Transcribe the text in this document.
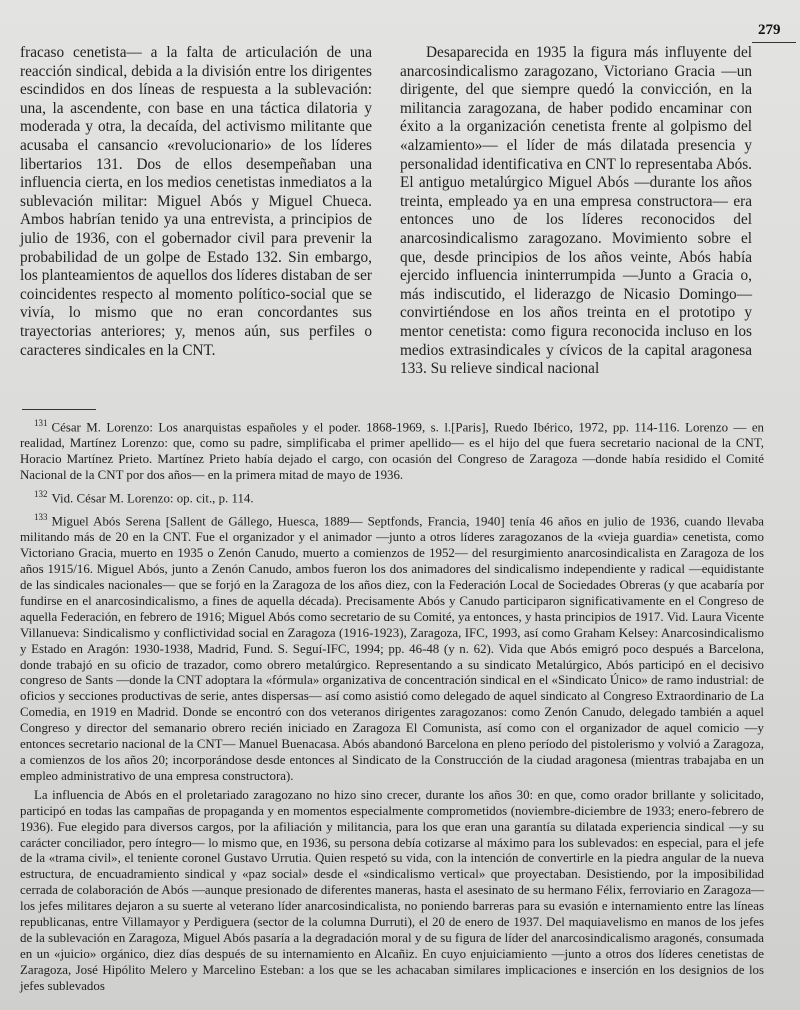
279

fracaso cenetista— a la falta de articulación de una reacción sindical, debida a la división entre los dirigentes escindidos en dos líneas de respuesta a la sublevación: una, la ascendente, con base en una táctica dilatoria y moderada y otra, la decaída, del activismo militante que acusaba el cansancio «revolucionario» de los líderes libertarios 131. Dos de ellos desempeñaban una influencia cierta, en los medios cenetistas inmediatos a la sublevación militar: Miguel Abós y Miguel Chueca. Ambos habrían tenido ya una entrevista, a principios de julio de 1936, con el gobernador civil para prevenir la probabilidad de un golpe de Estado 132. Sin embargo, los planteamientos de aquellos dos líderes distaban de ser coincidentes respecto al momento político-social que se vivía, lo mismo que no eran concordantes sus trayectorias anteriores; y, menos aún, sus perfiles o caracteres sindicales en la CNT.

Desaparecida en 1935 la figura más influyente del anarcosindicalismo zaragozano, Victoriano Gracia —un dirigente, del que siempre quedó la convicción, en la militancia zaragozana, de haber podido encaminar con éxito a la organización cenetista frente al golpismo del «alzamiento»— el líder de más dilatada presencia y personalidad identificativa en CNT lo representaba Abós. El antiguo metalúrgico Miguel Abós —durante los años treinta, empleado ya en una empresa constructora— era entonces uno de los líderes reconocidos del anarcosindicalismo zaragozano. Movimiento sobre el que, desde principios de los años veinte, Abós había ejercido influencia ininterrumpida —Junto a Gracia o, más indiscutido, el liderazgo de Nicasio Domingo— convirtiéndose en los años treinta en el prototipo y mentor cenetista: como figura reconocida incluso en los medios extrasindicales y cívicos de la capital aragonesa 133. Su relieve sindical nacional

$^{131}$ César M. Lorenzo: Los anarquistas españoles y el poder. 1868-1969, s. l.[Paris], Ruedo Ibérico, 1972, pp. 114-116. Lorenzo — en realidad, Martínez Lorenzo: que, como su padre, simplificaba el primer apellido— es el hijo del que fuera secretario nacional de la CNT, Horacio Martínez Prieto. Martínez Prieto había dejado el cargo, con ocasión del Congreso de Zaragoza —donde había residido el Comité Nacional de la CNT por dos años— en la primera mitad de mayo de 1936.

$^{132}$ Vid. César M. Lorenzo: op. cit., p. 114.

$^{133}$ Miguel Abós Serena [Sallent de Gállego, Huesca, 1889— Septfonds, Francia, 1940] tenía 46 años en julio de 1936, cuando llevaba militando más de 20 en la CNT. Fue el organizador y el animador —junto a otros líderes zaragozanos de la «vieja guardia» cenetista, como Victoriano Gracia, muerto en 1935 o Zenón Canudo, muerto a comienzos de 1952— del resurgimiento anarcosindicalista en Zaragoza de los años 1915/16. Miguel Abós, junto a Zenón Canudo, ambos fueron los dos animadores del sindicalismo independiente y radical —equidistante de las sindicales nacionales— que se forjó en la Zaragoza de los años diez, con la Federación Local de Sociedades Obreras (y que acabaría por fundirse en el anarcosindicalismo, a fines de aquella década). Precisamente Abós y Canudo participaron significativamente en el Congreso de aquella Federación, en febrero de 1916; Miguel Abós como secretario de su Comité, ya entonces, y hasta principios de 1917. Vid. Laura Vicente Villanueva: Sindicalismo y conflictividad social en Zaragoza (1916-1923), Zaragoza, IFC, 1993, así como Graham Kelsey: Anarcosindicalismo y Estado en Aragón: 1930-1938, Madrid, Fund. S. Seguí-IFC, 1994; pp. 46-48 (y n. 62). Vida que Abós emigró poco después a Barcelona, donde trabajó en su oficio de trazador, como obrero metalúrgico. Representando a su sindicato Metalúrgico, Abós participó en el decisivo congreso de Sants —donde la CNT adoptara la «fórmula» organizativa de concentración sindical en el «Sindicato Único» de ramo industrial: de oficios y secciones productivas de serie, antes dispersas— así como asistió como delegado de aquel sindicato al Congreso Extraordinario de La Comedia, en 1919 en Madrid. Donde se encontró con dos veteranos dirigentes zaragozanos: como Zenón Canudo, delegado también a aquel Congreso y director del semanario obrero recién iniciado en Zaragoza El Comunista, así como con el organizador de aquel comicio —y entonces secretario nacional de la CNT— Manuel Buenacasa. Abós abandonó Barcelona en pleno período del pistolerismo y volvió a Zaragoza, a comienzos de los años 20; incorporándose desde entonces al Sindicato de la Construcción de la ciudad aragonesa (mientras trabajaba en un empleo administrativo de una empresa constructora).

La influencia de Abós en el proletariado zaragozano no hizo sino crecer, durante los años 30: en que, como orador brillante y solicitado, participó en todas las campañas de propaganda y en momentos especialmente comprometidos (noviembre-diciembre de 1933; enero-febrero de 1936). Fue elegido para diversos cargos, por la afiliación y militancia, para los que eran una garantía su dilatada experiencia sindical —y su carácter conciliador, pero íntegro— lo mismo que, en 1936, su persona debía cotizarse al máximo para los sublevados: en especial, para el jefe de la «trama civil», el teniente coronel Gustavo Urrutia. Quien respetó su vida, con la intención de convertirle en la piedra angular de la nueva estructura, de encuadramiento sindical y «paz social» desde el «sindicalismo vertical» que proyectaban. Desistiendo, por la imposibilidad cerrada de colaboración de Abós —aunque presionado de diferentes maneras, hasta el asesinato de su hermano Félix, ferroviario en Zaragoza— los jefes militares dejaron a su suerte al veterano líder anarcosindicalista, no poniendo barreras para su evasión e internamiento entre las líneas republicanas, entre Villamayor y Perdiguera (sector de la columna Durruti), el 20 de enero de 1937. Del maquiavelismo en manos de los jefes de la sublevación en Zaragoza, Miguel Abós pasaría a la degradación moral y de su figura de líder del anarcosindicalismo aragonés, consumada en un «juicio» orgánico, diez días después de su internamiento en Alcañiz. En cuyo enjuiciamiento —junto a otros dos líderes cenetistas de Zaragoza, José Hipólito Melero y Marcelino Esteban: a los que se les achacaban similares implicaciones e inserción en los designios de los jefes sublevados
